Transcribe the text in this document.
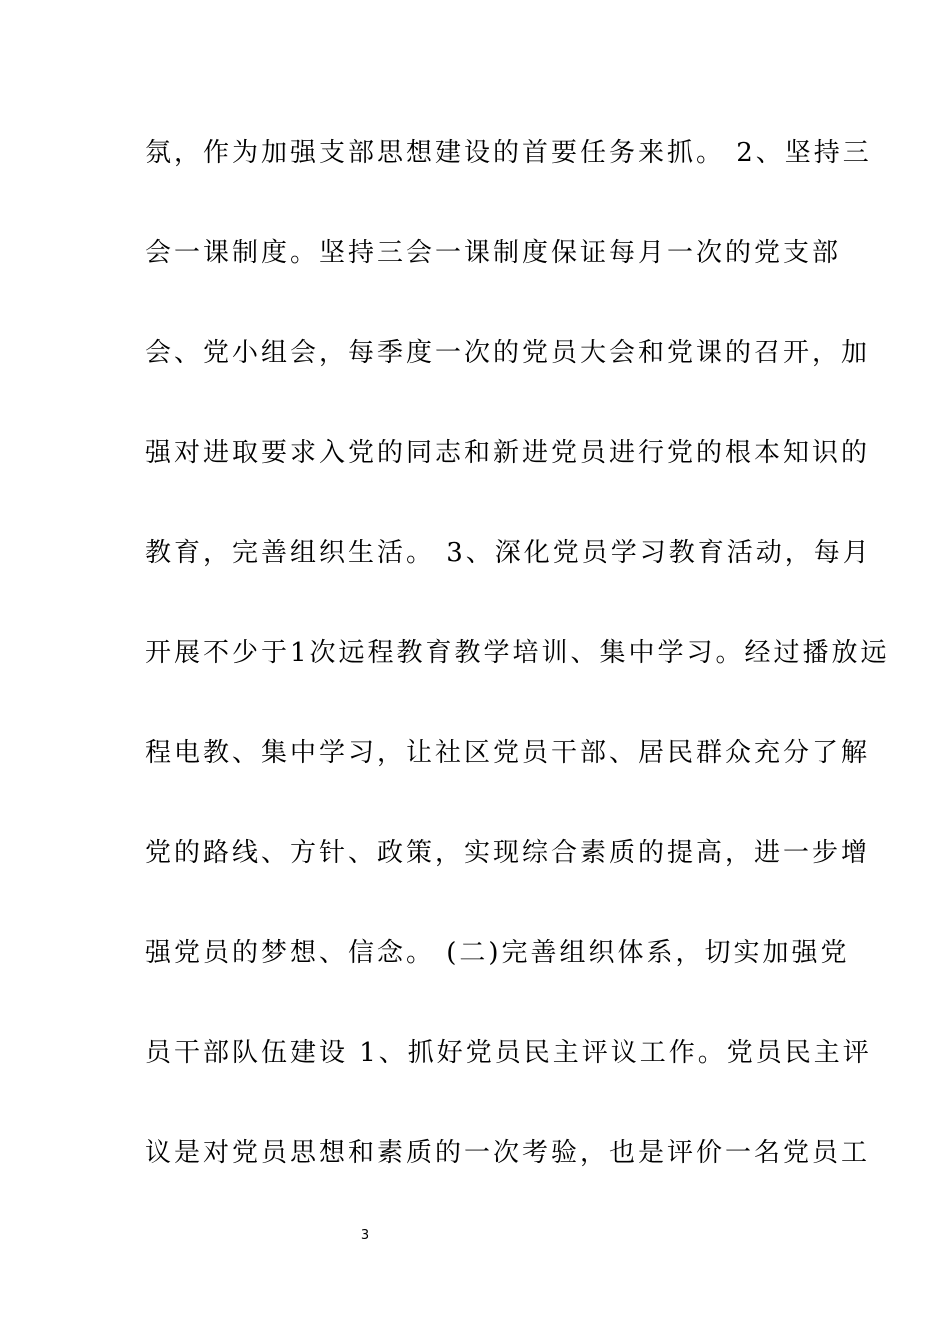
氛，作为加强支部思想建设的首要任务来抓。 2、坚持三
会一课制度。坚持三会一课制度保证每月一次的党支部
会、党小组会，每季度一次的党员大会和党课的召开，加
强对进取要求入党的同志和新进党员进行党的根本知识的
教育，完善组织生活。 3、深化党员学习教育活动，每月
开展不少于1次远程教育教学培训、集中学习。经过播放远
程电教、集中学习，让社区党员干部、居民群众充分了解
党的路线、方针、政策，实现综合素质的提高，进一步增
强党员的梦想、信念。 (二)完善组织体系，切实加强党
员干部队伍建设 1、抓好党员民主评议工作。党员民主评
议是对党员思想和素质的一次考验，也是评价一名党员工
3
